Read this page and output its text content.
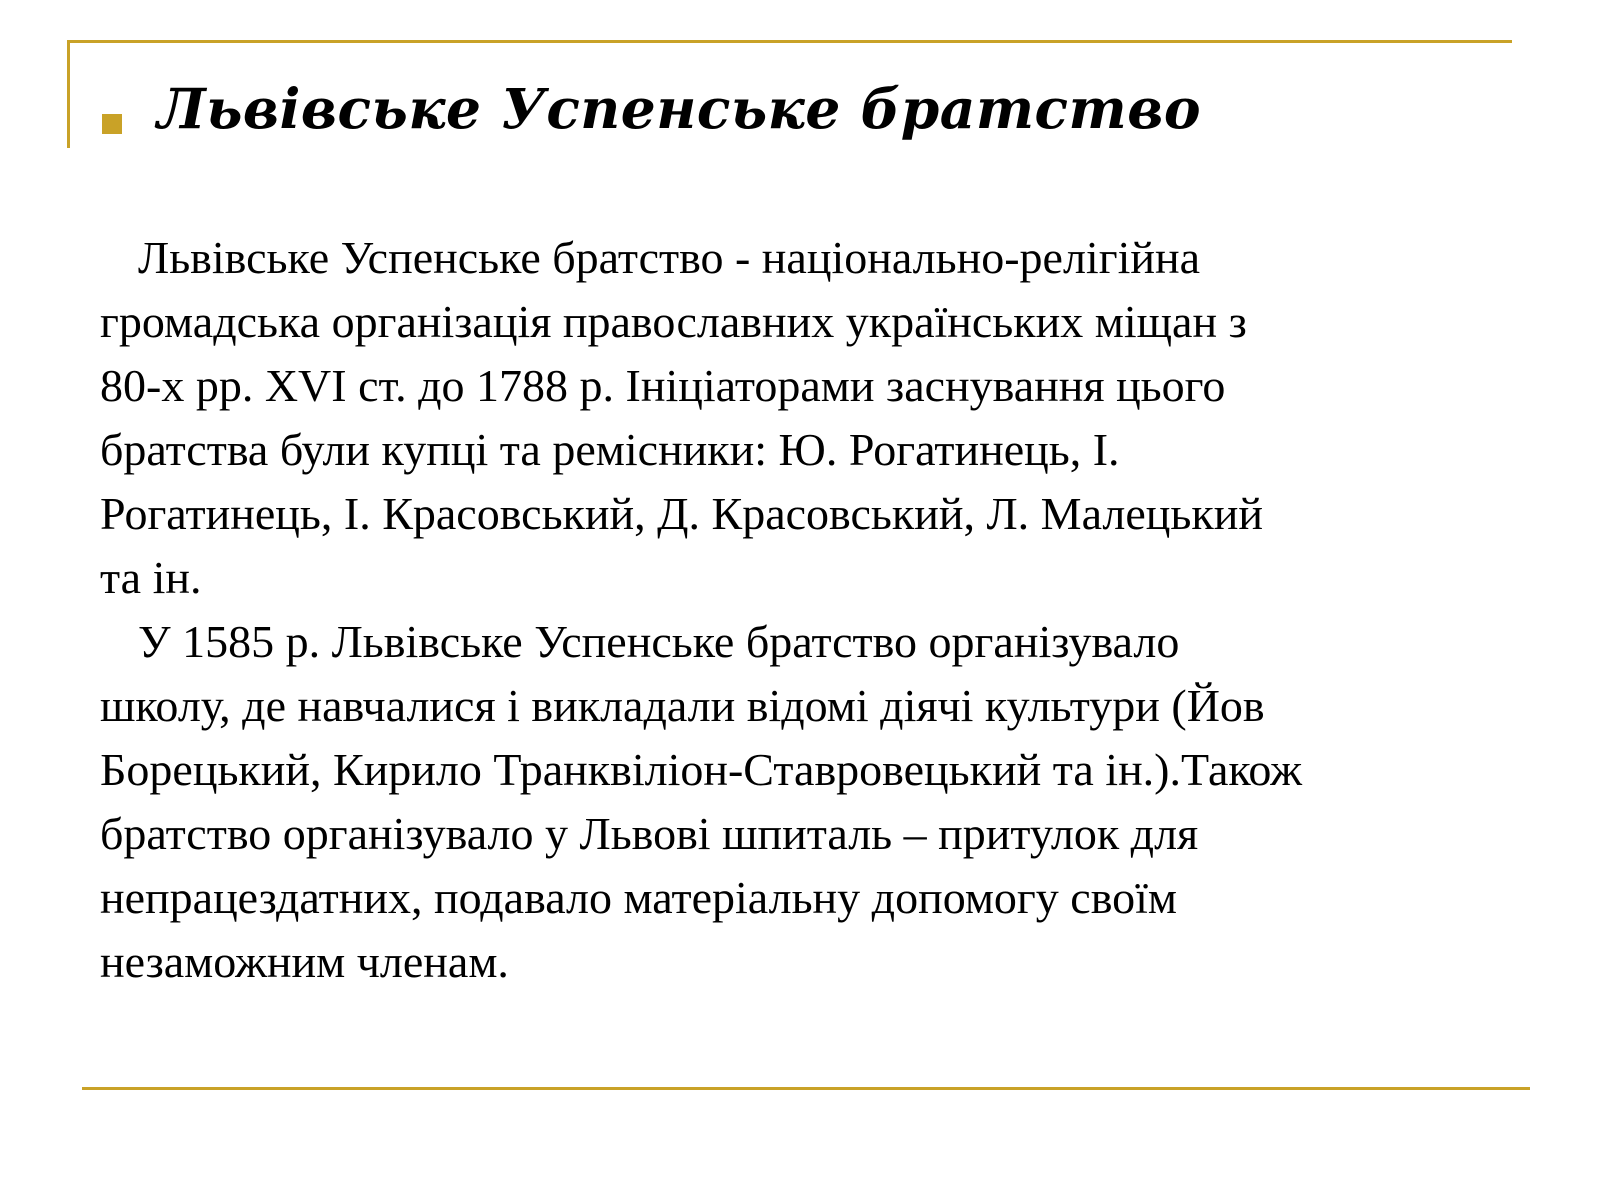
Львівське Успенське братство
Львівське Успенське братство - національно-релігійна
громадська організація православних українських міщан з
80-х рр. XVI ст. до 1788 р. Ініціаторами заснування цього
братства були купці та ремісники: Ю. Рогатинець, І.
Рогатинець, І. Красовський, Д. Красовський, Л. Малецький
та ін.
У 1585 р. Львівське Успенське братство організувало
школу, де навчалися і викладали відомі діячі культури (Йов
Борецький, Кирило Транквіліон-Ставровецький та ін.).Також
братство організувало у Львові шпиталь – притулок для
непрацездатних, подавало матеріальну допомогу своїм
незаможним членам.
